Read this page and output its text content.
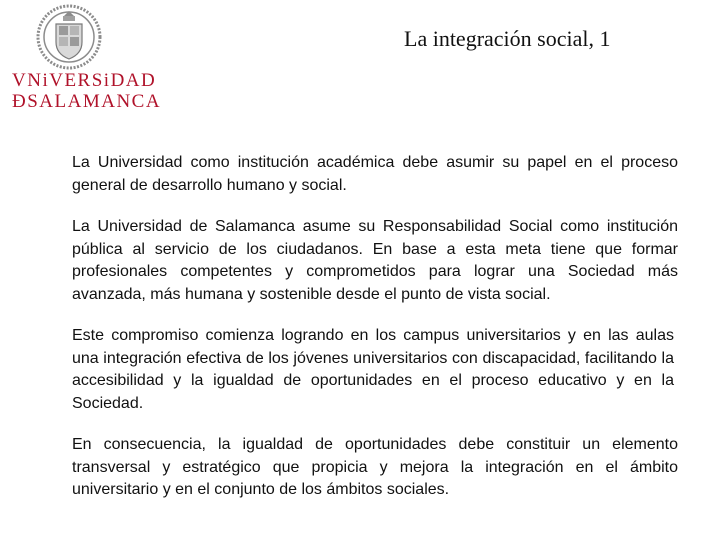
VNiVERSiDAD
ÐSALAMANCA
La integración social, 1

La Universidad como institución académica debe asumir su papel en el proceso general de desarrollo humano y social.

La Universidad de Salamanca asume su Responsabilidad Social como institución pública al servicio de los ciudadanos. En base a esta meta tiene que formar profesionales competentes y comprometidos para lograr una Sociedad más avanzada, más humana y sostenible desde el punto de vista social.

Este compromiso comienza logrando en los campus universitarios y en las aulas una integración efectiva de los jóvenes universitarios con discapacidad, facilitando la accesibilidad y la igualdad de oportunidades en el proceso educativo y en la Sociedad.

En consecuencia, la igualdad de oportunidades debe constituir un elemento transversal y estratégico que propicia y mejora la integración en el ámbito universitario y en el conjunto de los ámbitos sociales.
